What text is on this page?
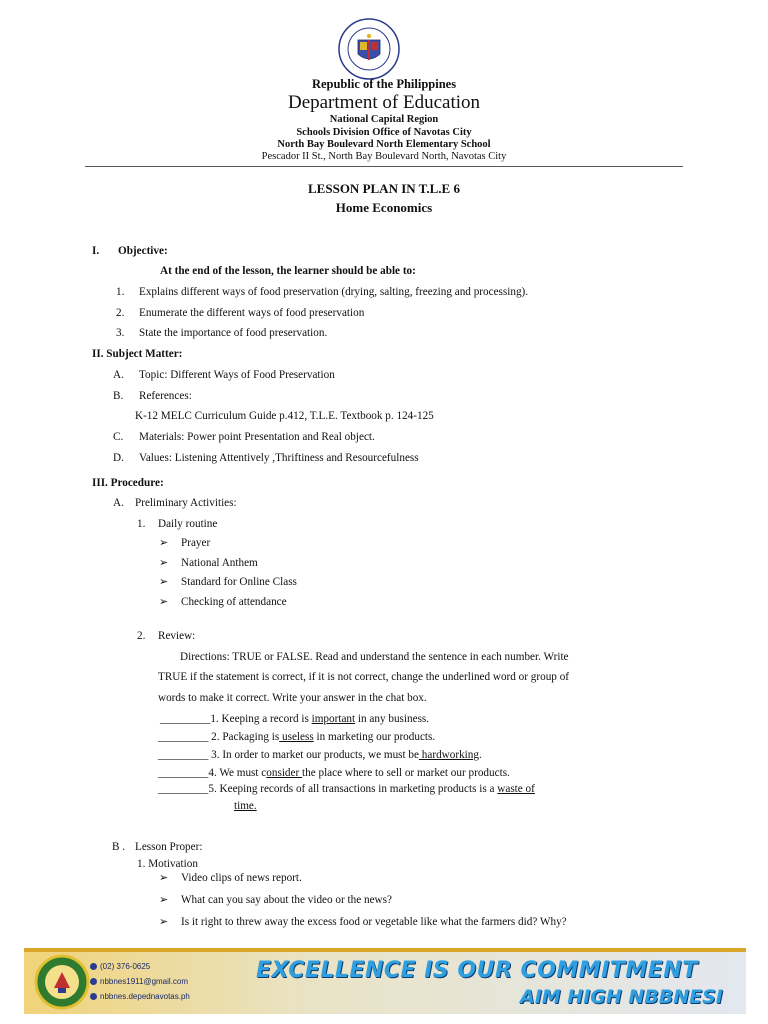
Republic of the Philippines
Department of Education
National Capital Region
Schools Division Office of Navotas City
North Bay Boulevard North Elementary School
Pescador II St., North Bay Boulevard North, Navotas City
LESSON PLAN IN T.L.E 6
Home Economics
I. Objective:
At the end of the lesson, the learner should be able to:
1. Explains different ways of food preservation (drying, salting, freezing and processing).
2. Enumerate the different ways of food preservation
3. State the importance of food preservation.
II. Subject Matter:
A. Topic: Different Ways of Food Preservation
B. References:
K-12 MELC Curriculum Guide p.412, T.L.E. Textbook p. 124-125
C. Materials: Power point Presentation and Real object.
D. Values: Listening Attentively ,Thriftiness and Resourcefulness
III. Procedure:
A. Preliminary Activities:
1. Daily routine
➢ Prayer
➢ National Anthem
➢ Standard for Online Class
➢ Checking of attendance
2. Review:
Directions: TRUE or FALSE. Read and understand the sentence in each number. Write
TRUE if the statement is correct, if it is not correct, change the underlined word or group of
words to make it correct. Write your answer in the chat box.
_________1. Keeping a record is important in any business.
_________ 2. Packaging is useless in marketing our products.
_________ 3. In order to market our products, we must be hardworking.
_________4. We must consider the place where to sell or market our products.
_________5. Keeping records of all transactions in marketing products is a waste of
time.
B . Lesson Proper:
1. Motivation
➢ Video clips of news report.
➢ What can you say about the video or the news?
➢ Is it right to threw away the excess food or vegetable like what the farmers did? Why?
(02) 376-0625
nbbnes1911@gmail.com
nbbnes.depednavotas.ph
EXCELLENCE IS OUR COMMITMENT
AIM HIGH NBBNESI
